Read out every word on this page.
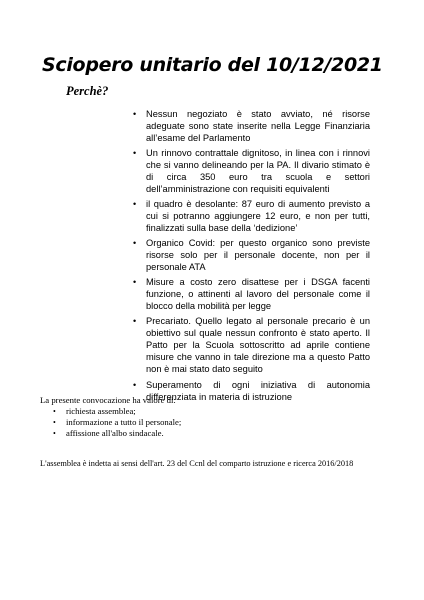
Sciopero unitario del 10/12/2021
Perchè?
• Nessun negoziato è stato avviato, né risorse adeguate sono state inserite nella Legge Finanziaria all’esame del Parlamento
• Un rinnovo contrattale dignitoso, in linea con i rinnovi che si vanno delineando per la PA. Il divario stimato è di circa 350 euro tra scuola e settori dell’amministrazione con requisiti equivalenti
• il quadro è desolante: 87 euro di aumento previsto a cui si potranno aggiungere 12 euro, e non per tutti, finalizzati sulla base della ‘dedizione’
• Organico Covid: per questo organico sono previste risorse solo per il personale docente, non per il personale ATA
• Misure a costo zero disattese per i DSGA facenti funzione, o attinenti al lavoro del personale come il blocco della mobilità per legge
• Precariato. Quello legato al personale precario è un obiettivo sul quale nessun confronto è stato aperto. Il Patto per la Scuola sottoscritto ad aprile contiene misure che vanno in tale direzione ma a questo Patto non è mai stato dato seguito
• Superamento di ogni iniziativa di autonomia differenziata in materia di istruzione
La presente convocazione ha valore di:
• richiesta assemblea;
• informazione a tutto il personale;
• affissione all'albo sindacale.
L'assemblea è indetta ai sensi dell'art. 23 del Ccnl del comparto istruzione e ricerca 2016/2018
